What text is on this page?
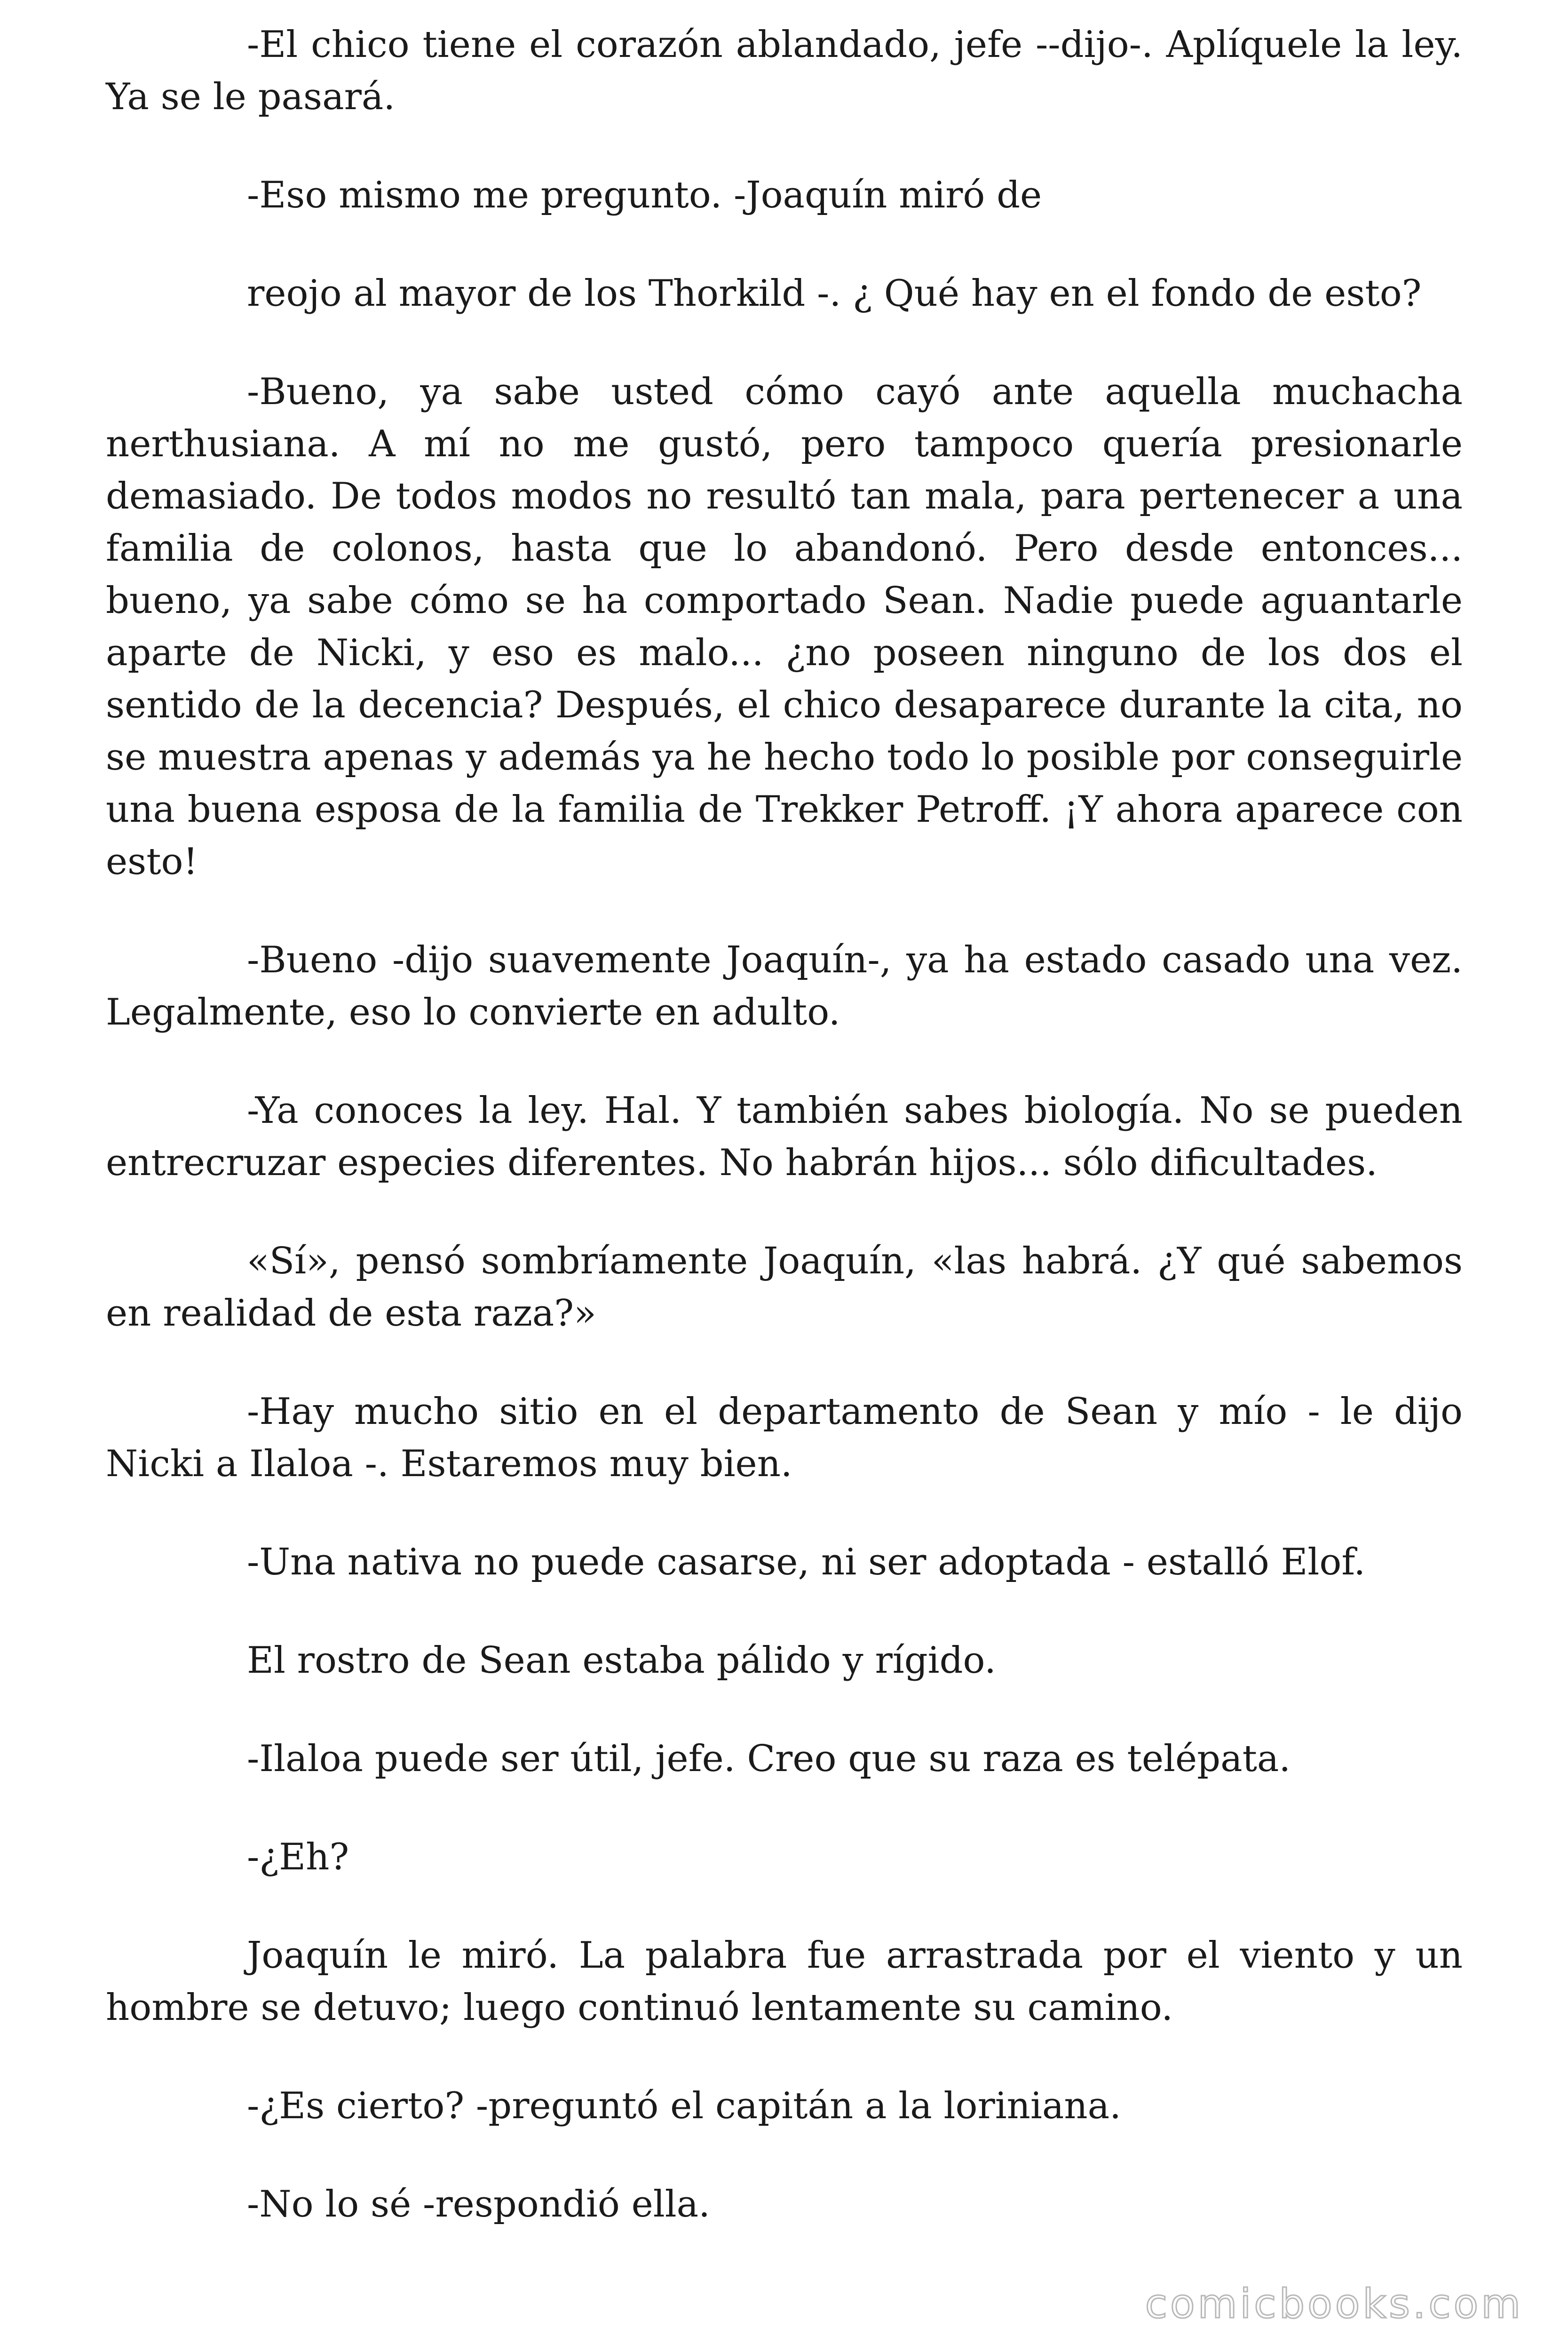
-El chico tiene el corazón ablandado, jefe --dijo-. Aplíquele la ley. Ya se le pasará.

-Eso mismo me pregunto. -Joaquín miró de

reojo al mayor de los Thorkild -. ¿ Qué hay en el fondo de esto?

-Bueno, ya sabe usted cómo cayó ante aquella muchacha nerthusiana. A mí no me gustó, pero tampoco quería presionarle demasiado. De todos modos no resultó tan mala, para pertenecer a una familia de colonos, hasta que lo abandonó. Pero desde entonces... bueno, ya sabe cómo se ha comportado Sean. Nadie puede aguantarle aparte de Nicki, y eso es malo... ¿no poseen ninguno de los dos el sentido de la decencia? Después, el chico desaparece durante la cita, no se muestra apenas y además ya he hecho todo lo posible por conseguirle una buena esposa de la familia de Trekker Petroff. ¡Y ahora aparece con esto!

-Bueno -dijo suavemente Joaquín-, ya ha estado casado una vez. Legalmente, eso lo convierte en adulto.

-Ya conoces la ley. Hal. Y también sabes biología. No se pueden entrecruzar especies diferentes. No habrán hijos... sólo dificultades.

«Sí», pensó sombríamente Joaquín, «las habrá. ¿Y qué sabemos en realidad de esta raza?»

-Hay mucho sitio en el departamento de Sean y mío - le dijo Nicki a Ilaloa -. Estaremos muy bien.

-Una nativa no puede casarse, ni ser adoptada - estalló Elof.

El rostro de Sean estaba pálido y rígido.

-Ilaloa puede ser útil, jefe. Creo que su raza es telépata.

-¿Eh?

Joaquín le miró. La palabra fue arrastrada por el viento y un hombre se detuvo; luego continuó lentamente su camino.

-¿Es cierto? -preguntó el capitán a la loriniana.

-No lo sé -respondió ella.

comicbooks.com
